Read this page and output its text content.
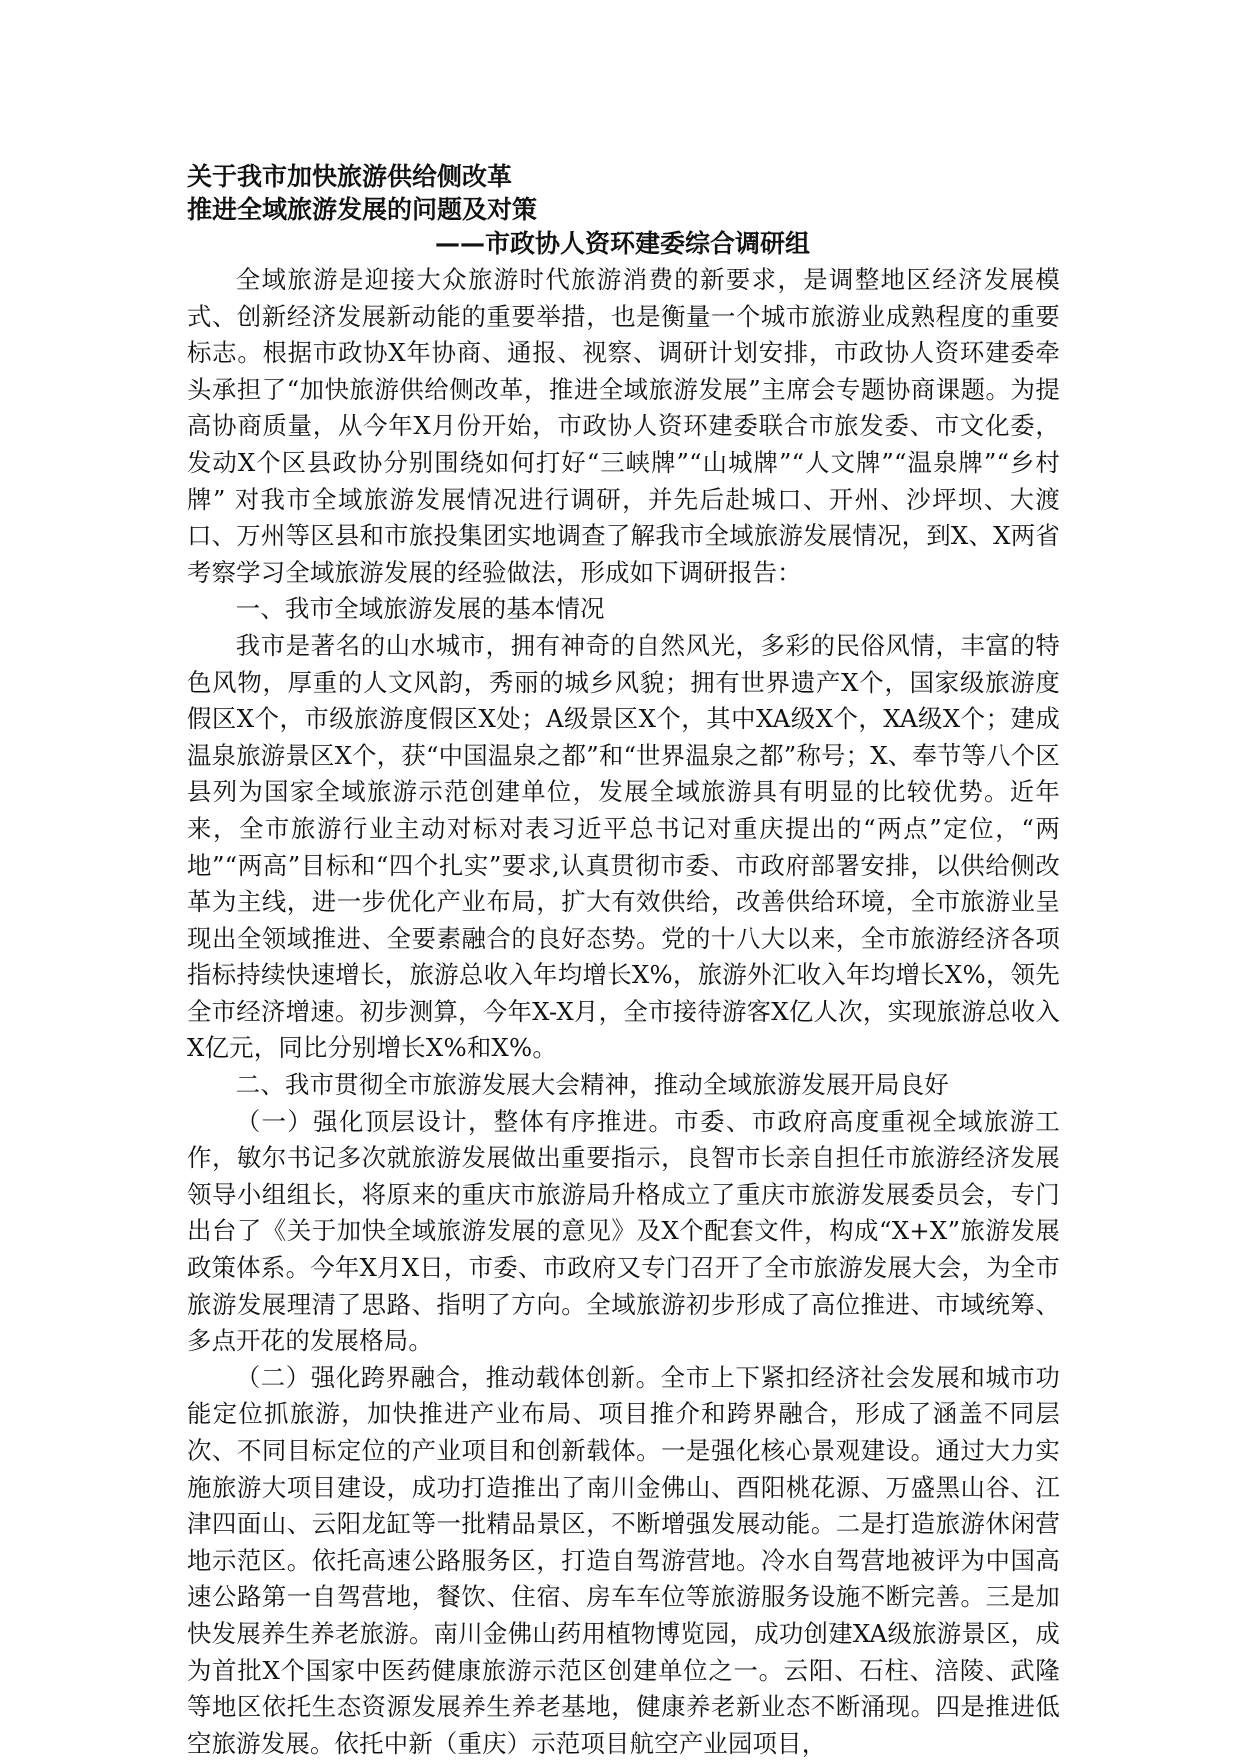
关于我市加快旅游供给侧改革

推进全域旅游发展的问题及对策

——市政协人资环建委综合调研组

全域旅游是迎接大众旅游时代旅游消费的新要求，是调整地区经济发展模式、创新经济发展新动能的重要举措，也是衡量一个城市旅游业成熟程度的重要标志。根据市政协X年协商、通报、视察、调研计划安排，市政协人资环建委牵头承担了“加快旅游供给侧改革，推进全域旅游发展”主席会专题协商课题。为提高协商质量，从今年X月份开始，市政协人资环建委联合市旅发委、市文化委，发动X个区县政协分别围绕如何打好“三峡牌”“山城牌”“人文牌”“温泉牌”“乡村牌” 对我市全域旅游发展情况进行调研，并先后赴城口、开州、沙坪坝、大渡口、万州等区县和市旅投集团实地调查了解我市全域旅游发展情况，到X、X两省考察学习全域旅游发展的经验做法，形成如下调研报告：

一、我市全域旅游发展的基本情况

我市是著名的山水城市，拥有神奇的自然风光，多彩的民俗风情，丰富的特色风物，厚重的人文风韵，秀丽的城乡风貌；拥有世界遗产X个，国家级旅游度假区X个，市级旅游度假区X处；A级景区X个，其中XA级X个，XA级X个；建成温泉旅游景区X个，获“中国温泉之都”和“世界温泉之都”称号；X、奉节等八个区县列为国家全域旅游示范创建单位，发展全域旅游具有明显的比较优势。近年来，全市旅游行业主动对标对表习近平总书记对重庆提出的“两点”定位，“两地”“两高”目标和“四个扎实”要求,认真贯彻市委、市政府部署安排，以供给侧改革为主线，进一步优化产业布局，扩大有效供给，改善供给环境，全市旅游业呈现出全领域推进、全要素融合的良好态势。党的十八大以来，全市旅游经济各项指标持续快速增长，旅游总收入年均增长X%，旅游外汇收入年均增长X%，领先全市经济增速。初步测算，今年X-X月，全市接待游客X亿人次，实现旅游总收入X亿元，同比分别增长X%和X%。

二、我市贯彻全市旅游发展大会精神，推动全域旅游发展开局良好

（一）强化顶层设计，整体有序推进。市委、市政府高度重视全域旅游工作，敏尔书记多次就旅游发展做出重要指示，良智市长亲自担任市旅游经济发展领导小组组长，将原来的重庆市旅游局升格成立了重庆市旅游发展委员会，专门出台了《关于加快全域旅游发展的意见》及X个配套文件，构成“X+X”旅游发展政策体系。今年X月X日，市委、市政府又专门召开了全市旅游发展大会，为全市旅游发展理清了思路、指明了方向。全域旅游初步形成了高位推进、市域统筹、多点开花的发展格局。

（二）强化跨界融合，推动载体创新。全市上下紧扣经济社会发展和城市功能定位抓旅游，加快推进产业布局、项目推介和跨界融合，形成了涵盖不同层次、不同目标定位的产业项目和创新载体。一是强化核心景观建设。通过大力实施旅游大项目建设，成功打造推出了南川金佛山、酉阳桃花源、万盛黑山谷、江津四面山、云阳龙缸等一批精品景区，不断增强发展动能。二是打造旅游休闲营地示范区。依托高速公路服务区，打造自驾游营地。冷水自驾营地被评为中国高速公路第一自驾营地，餐饮、住宿、房车车位等旅游服务设施不断完善。三是加快发展养生养老旅游。南川金佛山药用植物博览园，成功创建XA级旅游景区，成为首批X个国家中医药健康旅游示范区创建单位之一。云阳、石柱、涪陵、武隆等地区依托生态资源发展养生养老基地，健康养老新业态不断涌现。四是推进低空旅游发展。依托中新（重庆）示范项目航空产业园项目，
